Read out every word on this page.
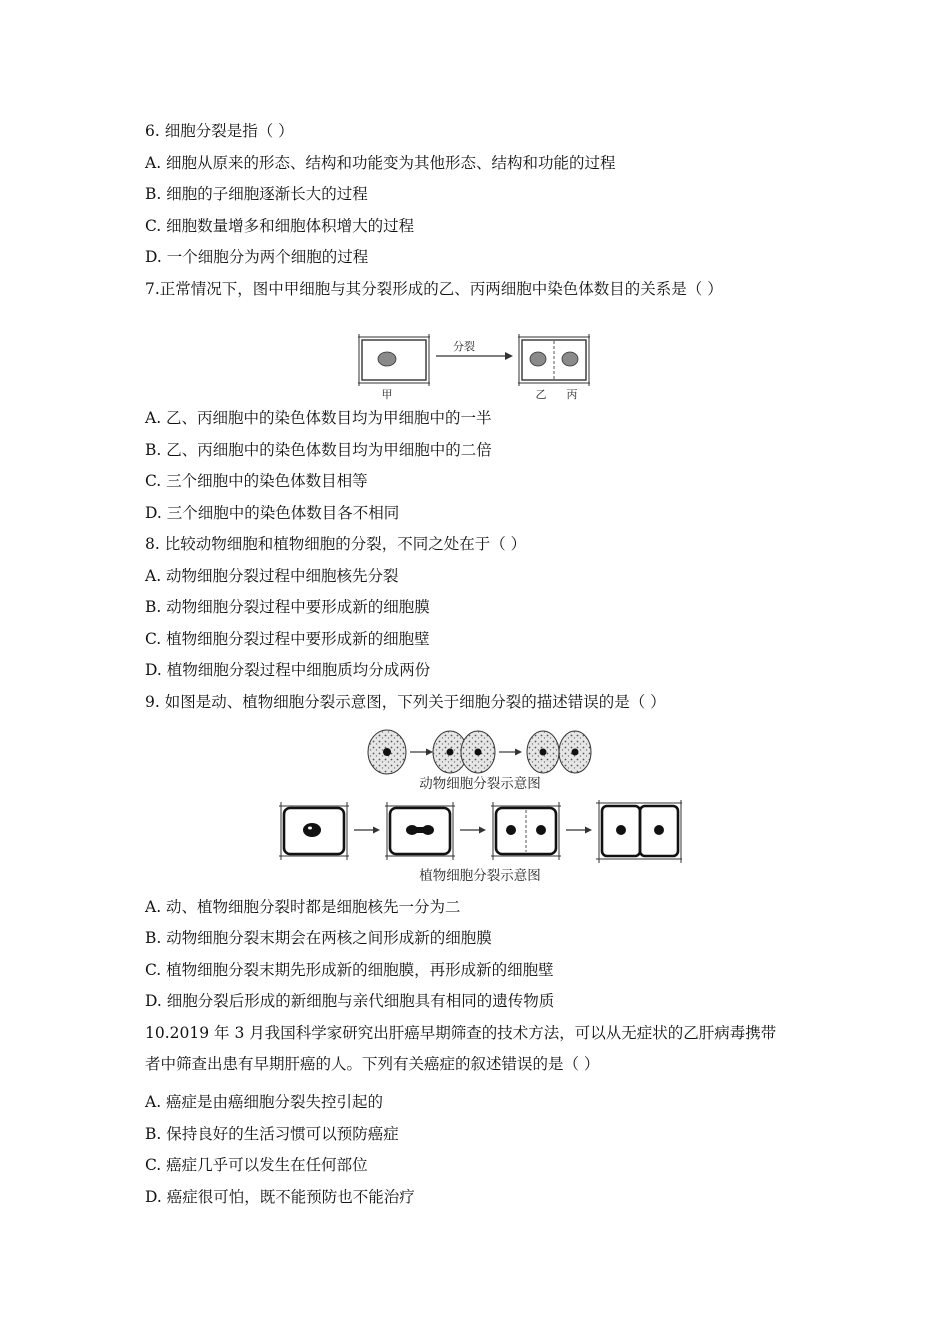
6. 细胞分裂是指（ ）
A. 细胞从原来的形态、结构和功能变为其他形态、结构和功能的过程
B. 细胞的子细胞逐渐长大的过程
C. 细胞数量增多和细胞体积增大的过程
D. 一个细胞分为两个细胞的过程
7.正常情况下，图中甲细胞与其分裂形成的乙、丙两细胞中染色体数目的关系是（ ）
甲
分裂
乙 丙
A. 乙、丙细胞中的染色体数目均为甲细胞中的一半
B. 乙、丙细胞中的染色体数目均为甲细胞中的二倍
C. 三个细胞中的染色体数目相等
D. 三个细胞中的染色体数目各不相同
8. 比较动物细胞和植物细胞的分裂，不同之处在于（ ）
A. 动物细胞分裂过程中细胞核先分裂
B. 动物细胞分裂过程中要形成新的细胞膜
C. 植物细胞分裂过程中要形成新的细胞壁
D. 植物细胞分裂过程中细胞质均分成两份
9. 如图是动、植物细胞分裂示意图，下列关于细胞分裂的描述错误的是（ ）
动物细胞分裂示意图
植物细胞分裂示意图
A. 动、植物细胞分裂时都是细胞核先一分为二
B. 动物细胞分裂末期会在两核之间形成新的细胞膜
C. 植物细胞分裂末期先形成新的细胞膜，再形成新的细胞壁
D. 细胞分裂后形成的新细胞与亲代细胞具有相同的遗传物质
10.2019 年 3 月我国科学家研究出肝癌早期筛查的技术方法，可以从无症状的乙肝病毒携带
者中筛查出患有早期肝癌的人。下列有关癌症的叙述错误的是（ ）
A. 癌症是由癌细胞分裂失控引起的
B. 保持良好的生活习惯可以预防癌症
C. 癌症几乎可以发生在任何部位
D. 癌症很可怕，既不能预防也不能治疗
